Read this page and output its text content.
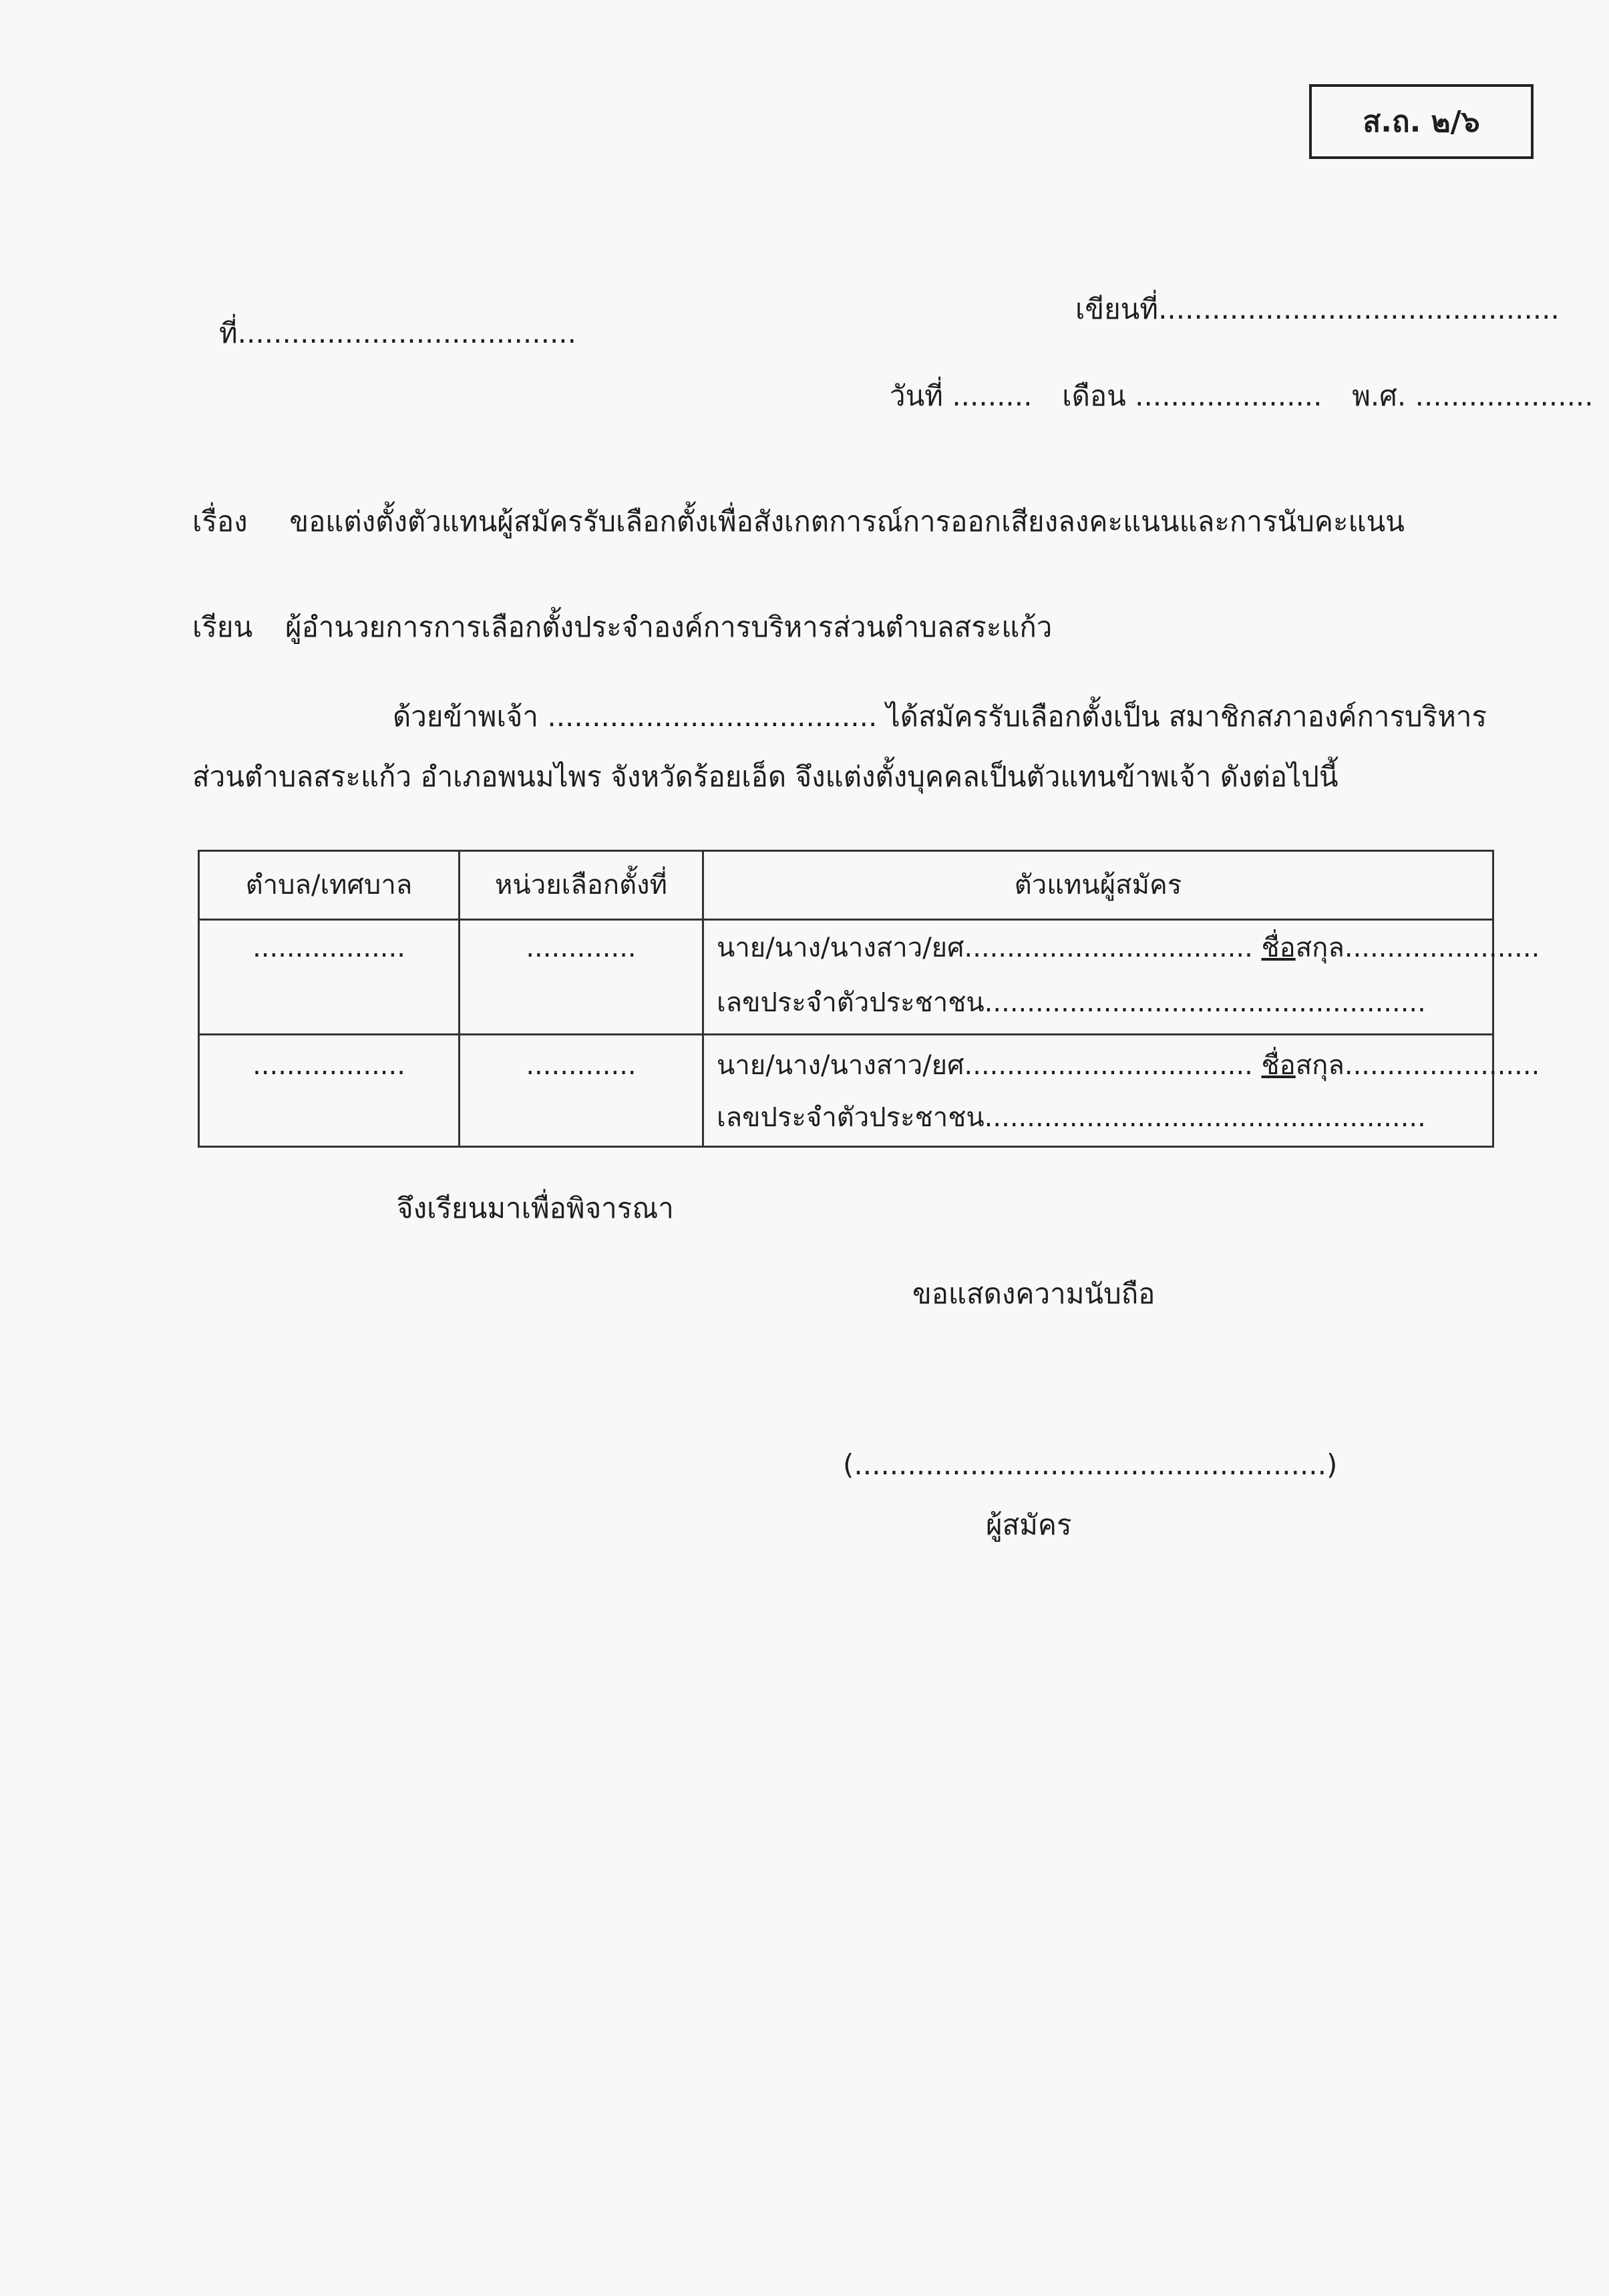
ส.ถ. ๒/๖
ที่......................................
เขียนที่.............................................
วันที่ ......... เดือน ..................... พ.ศ. ....................
เรื่อง ขอแต่งตั้งตัวแทนผู้สมัครรับเลือกตั้งเพื่อสังเกตการณ์การออกเสียงลงคะแนนและการนับคะแนน
เรียน ผู้อำนวยการการเลือกตั้งประจำองค์การบริหารส่วนตำบลสระแก้ว
ด้วยข้าพเจ้า ..................................... ได้สมัครรับเลือกตั้งเป็น สมาชิกสภาองค์การบริหาร
ส่วนตำบลสระแก้ว อำเภอพนมไพร จังหวัดร้อยเอ็ด จึงแต่งตั้งบุคคลเป็นตัวแทนข้าพเจ้า ดังต่อไปนี้
ตำบล/เทศบาล	หน่วยเลือกตั้งที่	ตัวแทนผู้สมัคร
..................	.............	นาย/นาง/นางสาว/ยศ.................................. ชื่อสกุล.......................
เลขประจำตัวประชาชน....................................................
..................	.............	นาย/นาง/นางสาว/ยศ.................................. ชื่อสกุล.......................
เลขประจำตัวประชาชน....................................................
จึงเรียนมาเพื่อพิจารณา
ขอแสดงความนับถือ
(.....................................................)
ผู้สมัคร
